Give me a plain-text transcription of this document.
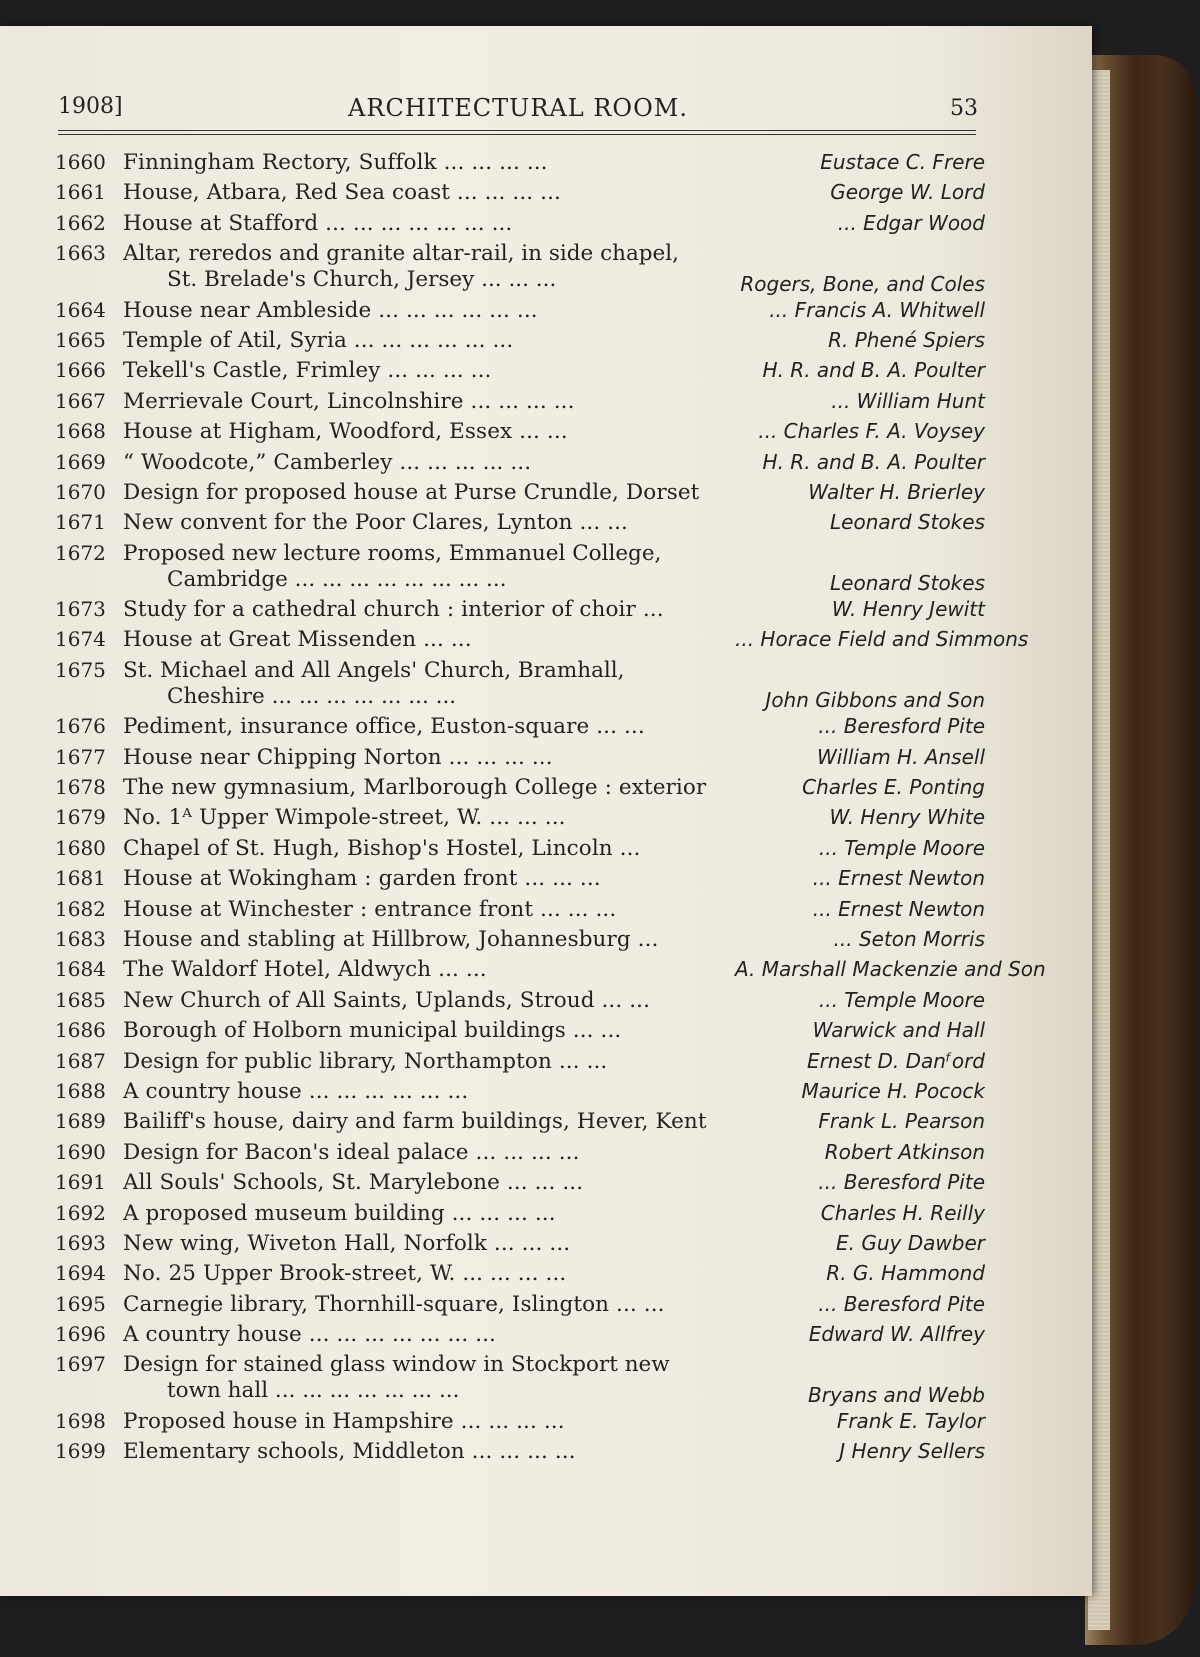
1908]	ARCHITECTURAL ROOM.	53
1660 Finningham Rectory, Suffolk ... ... ... ...	Eustace C. Frere
1661 House, Atbara, Red Sea coast ... ... ... ...	George W. Lord
1662 House at Stafford ... ... ... ... ... ... ...	... Edgar Wood
1663 Altar, reredos and granite altar-rail, in side chapel,
St. Brelade's Church, Jersey ... ... ...	Rogers, Bone, and Coles
1664 House near Ambleside ... ... ... ... ... ...	... Francis A. Whitwell
1665 Temple of Atil, Syria ... ... ... ... ... ...	R. Phené Spiers
1666 Tekell's Castle, Frimley ... ... ... ...	H. R. and B. A. Poulter
1667 Merrievale Court, Lincolnshire ... ... ... ...	... William Hunt
1668 House at Higham, Woodford, Essex ... ...	... Charles F. A. Voysey
1669 “ Woodcote,” Camberley ... ... ... ... ...	H. R. and B. A. Poulter
1670 Design for proposed house at Purse Crundle, Dorset	Walter H. Brierley
1671 New convent for the Poor Clares, Lynton ... ...	Leonard Stokes
1672 Proposed new lecture rooms, Emmanuel College,
Cambridge ... ... ... ... ... ... ... ...	Leonard Stokes
1673 Study for a cathedral church : interior of choir ...	W. Henry Jewitt
1674 House at Great Missenden ... ...	... Horace Field and Simmons
1675 St. Michael and All Angels' Church, Bramhall,
Cheshire ... ... ... ... ... ... ...	John Gibbons and Son
1676 Pediment, insurance office, Euston-square ... ...	... Beresford Pite
1677 House near Chipping Norton ... ... ... ...	William H. Ansell
1678 The new gymnasium, Marlborough College : exterior	Charles E. Ponting
1679 No. 1ᴬ Upper Wimpole-street, W. ... ... ...	W. Henry White
1680 Chapel of St. Hugh, Bishop's Hostel, Lincoln ...	... Temple Moore
1681 House at Wokingham : garden front ... ... ...	... Ernest Newton
1682 House at Winchester : entrance front ... ... ...	... Ernest Newton
1683 House and stabling at Hillbrow, Johannesburg ...	... Seton Morris
1684 The Waldorf Hotel, Aldwych ... ...	A. Marshall Mackenzie and Son
1685 New Church of All Saints, Uplands, Stroud ... ...	... Temple Moore
1686 Borough of Holborn municipal buildings ... ...	Warwick and Hall
1687 Design for public library, Northampton ... ...	Ernest D. Danᶠord
1688 A country house ... ... ... ... ... ...	Maurice H. Pocock
1689 Bailiff's house, dairy and farm buildings, Hever, Kent	Frank L. Pearson
1690 Design for Bacon's ideal palace ... ... ... ...	Robert Atkinson
1691 All Souls' Schools, St. Marylebone ... ... ...	... Beresford Pite
1692 A proposed museum building ... ... ... ...	Charles H. Reilly
1693 New wing, Wiveton Hall, Norfolk ... ... ...	E. Guy Dawber
1694 No. 25 Upper Brook-street, W. ... ... ... ...	R. G. Hammond
1695 Carnegie library, Thornhill-square, Islington ... ...	... Beresford Pite
1696 A country house ... ... ... ... ... ... ...	Edward W. Allfrey
1697 Design for stained glass window in Stockport new
town hall ... ... ... ... ... ... ...	Bryans and Webb
1698 Proposed house in Hampshire ... ... ... ...	Frank E. Taylor
1699 Elementary schools, Middleton ... ... ... ...	J Henry Sellers
